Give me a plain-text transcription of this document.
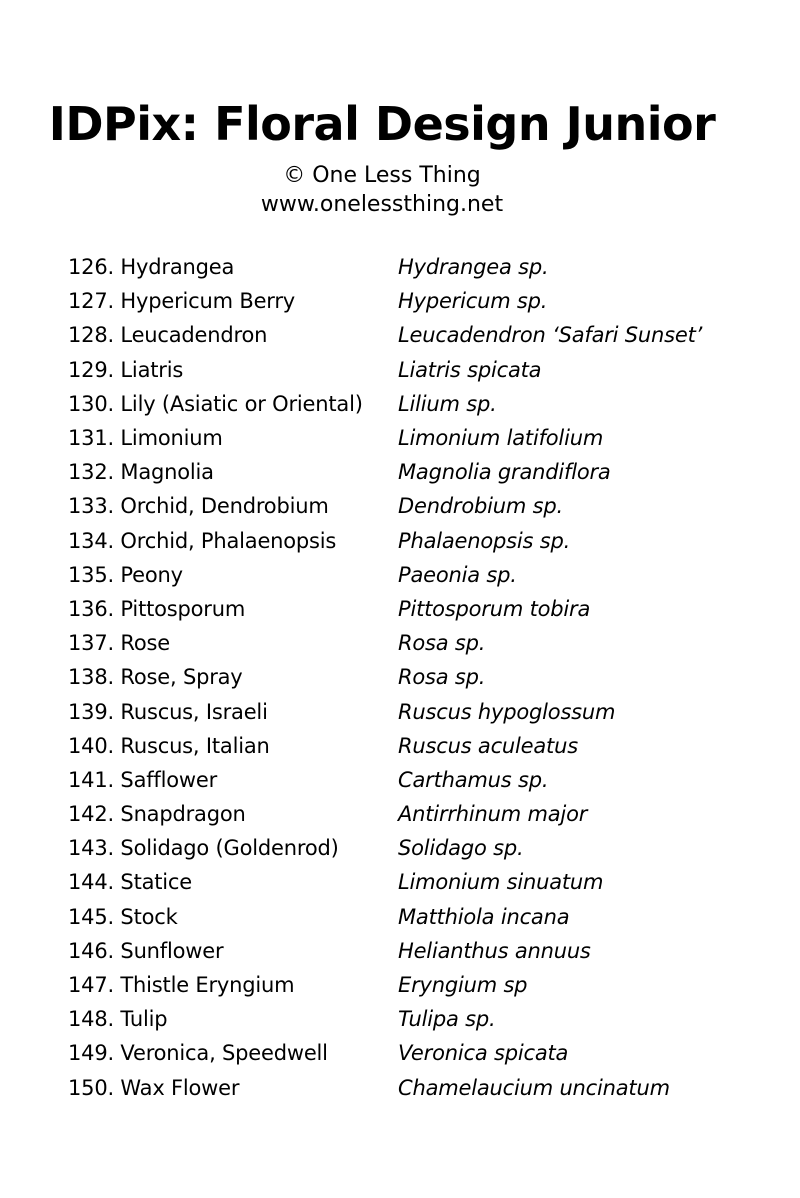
IDPix: Floral Design Junior
© One Less Thing
www.onelessthing.net
126. Hydrangea	Hydrangea sp.
127. Hypericum Berry	Hypericum sp.
128. Leucadendron	Leucadendron ‘Safari Sunset’
129. Liatris	Liatris spicata
130. Lily (Asiatic or Oriental)	Lilium sp.
131. Limonium	Limonium latifolium
132. Magnolia	Magnolia grandiflora
133. Orchid, Dendrobium	Dendrobium sp.
134. Orchid, Phalaenopsis	Phalaenopsis sp.
135. Peony	Paeonia sp.
136. Pittosporum	Pittosporum tobira
137. Rose	Rosa sp.
138. Rose, Spray	Rosa sp.
139. Ruscus, Israeli	Ruscus hypoglossum
140. Ruscus, Italian	Ruscus aculeatus
141. Safflower	Carthamus sp.
142. Snapdragon	Antirrhinum major
143. Solidago (Goldenrod)	Solidago sp.
144. Statice	Limonium sinuatum
145. Stock	Matthiola incana
146. Sunflower	Helianthus annuus
147. Thistle Eryngium	Eryngium sp
148. Tulip	Tulipa sp.
149. Veronica, Speedwell	Veronica spicata
150. Wax Flower	Chamelaucium uncinatum
